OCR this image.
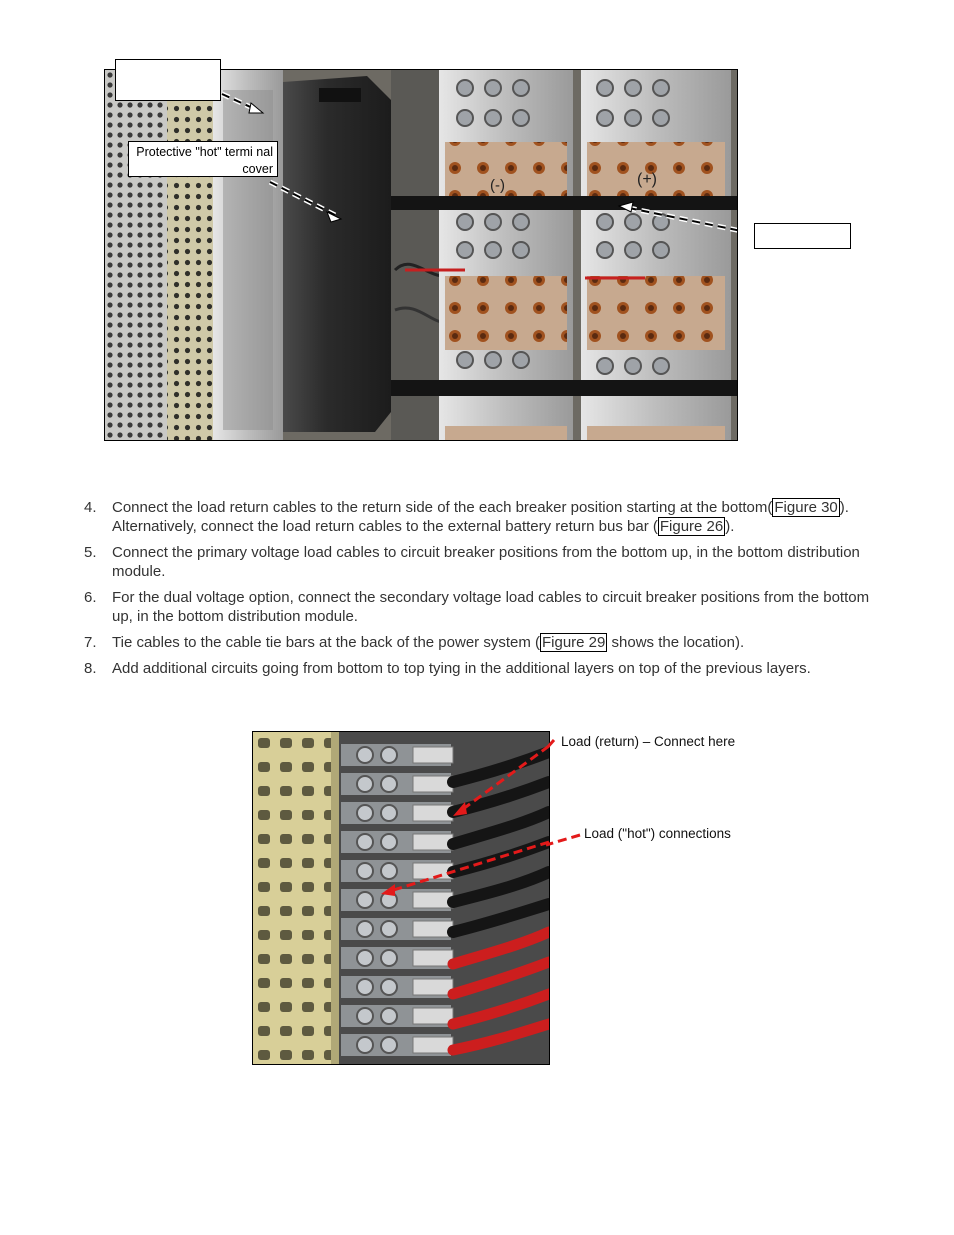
(-)	(+)
Protective "hot" termi nal cover
4. Connect the load return cables to the return side of the each breaker position starting at the bottom( Figure 30 ). Alternatively, connect the load return cables to the external battery return bus bar ( Figure 26 ).
5. Connect the primary voltage load cables to circuit breaker positions from the bottom up, in the bottom distribution module.
6. For the dual voltage option, connect the secondary voltage load cables to circuit breaker positions from the bottom up, in the bottom distribution module.
7. Tie cables to the cable tie bars at the back of the power system ( Figure 29 shows the location).
8. Add additional circuits going from bottom to top tying in the additional layers on top of the previous layers.
Load (return) – Connect here
Load ("hot") connections
